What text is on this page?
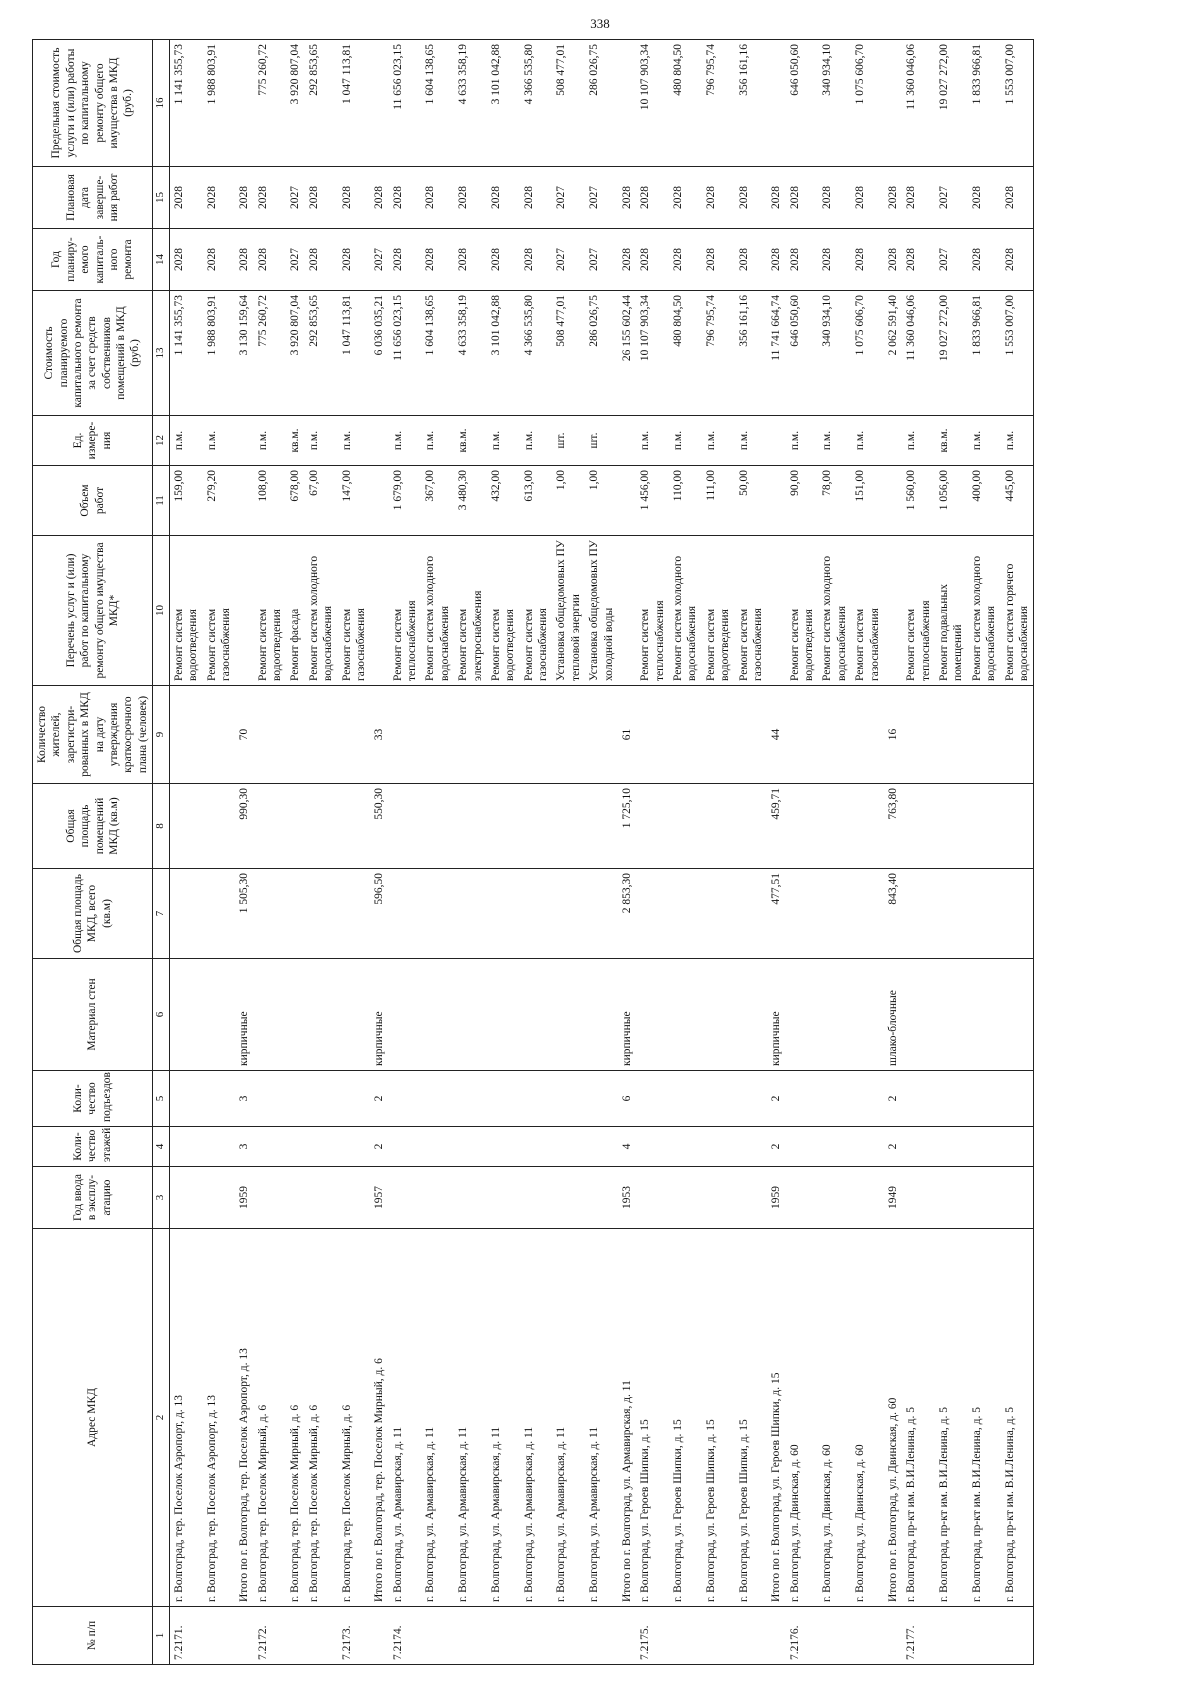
338
№ п/п	Адрес МКД	Год ввода в эксплу-атацию	Коли-чество этажей	Коли-чество подъездов	Материал стен	Общая площадь МКД, всего (кв.м)	Общая площадь помещений МКД (кв.м)	Количество жителей, зарегистри-рованных в МКД на дату утверждения краткосрочного плана (человек)	Перечень услуг и (или) работ по капитальному ремонту общего имущества МКД*	Объем работ	Ед. измере-ния	Стоимость планируемого капитального ремонта за счет средств собственников помещений в МКД (руб.)	Год планиру-емого капиталь-ного ремонта	Плановая дата заверше-ния работ	Предельная стоимость услуги и (или) работы по капитальному ремонту общего имущества в МКД (руб.)
1	2	3	4	5	6	7	8	9	10	11	12	13	14	15	16
7.2171.	г. Волгоград, тер. Поселок Аэропорт, д. 13								Ремонт систем водоотведения	159,00	п.м.	1 141 355,73	2028	2028	1 141 355,73
	г. Волгоград, тер. Поселок Аэропорт, д. 13								Ремонт систем газоснабжения	279,20	п.м.	1 988 803,91	2028	2028	1 988 803,91
	Итого по г. Волгоград, тер. Поселок Аэропорт, д. 13	1959	3	3	кирпичные	1 505,30	990,30	70				3 130 159,64	2028	2028	
7.2172.	г. Волгоград, тер. Поселок Мирный, д. 6								Ремонт систем водоотведения	108,00	п.м.	775 260,72	2028	2028	775 260,72
	г. Волгоград, тер. Поселок Мирный, д. 6								Ремонт фасада	678,00	кв.м.	3 920 807,04	2027	2027	3 920 807,04
	г. Волгоград, тер. Поселок Мирный, д. 6								Ремонт систем холодного водоснабжения	67,00	п.м.	292 853,65	2028	2028	292 853,65
7.2173.	г. Волгоград, тер. Поселок Мирный, д. 6								Ремонт систем газоснабжения	147,00	п.м.	1 047 113,81	2028	2028	1 047 113,81
	Итого по г. Волгоград, тер. Поселок Мирный, д. 6	1957	2	2	кирпичные	596,50	550,30	33				6 036 035,21	2027	2028	
7.2174.	г. Волгоград, ул. Армавирская, д. 11								Ремонт систем теплоснабжения	1 679,00	п.м.	11 656 023,15	2028	2028	11 656 023,15
	г. Волгоград, ул. Армавирская, д. 11								Ремонт систем холодного водоснабжения	367,00	п.м.	1 604 138,65	2028	2028	1 604 138,65
	г. Волгоград, ул. Армавирская, д. 11								Ремонт систем электроснабжения	3 480,30	кв.м.	4 633 358,19	2028	2028	4 633 358,19
	г. Волгоград, ул. Армавирская, д. 11								Ремонт систем водоотведения	432,00	п.м.	3 101 042,88	2028	2028	3 101 042,88
	г. Волгоград, ул. Армавирская, д. 11								Ремонт систем газоснабжения	613,00	п.м.	4 366 535,80	2028	2028	4 366 535,80
	г. Волгоград, ул. Армавирская, д. 11								Установка общедомовых ПУ тепловой энергии	1,00	шт.	508 477,01	2027	2027	508 477,01
	г. Волгоград, ул. Армавирская, д. 11								Установка общедомовых ПУ холодной воды	1,00	шт.	286 026,75	2027	2027	286 026,75
	Итого по г. Волгоград, ул. Армавирская, д. 11	1953	4	6	кирпичные	2 853,30	1 725,10	61				26 155 602,44	2028	2028	
7.2175.	г. Волгоград, ул. Героев Шипки, д. 15								Ремонт систем теплоснабжения	1 456,00	п.м.	10 107 903,34	2028	2028	10 107 903,34
	г. Волгоград, ул. Героев Шипки, д. 15								Ремонт систем холодного водоснабжения	110,00	п.м.	480 804,50	2028	2028	480 804,50
	г. Волгоград, ул. Героев Шипки, д. 15								Ремонт систем водоотведения	111,00	п.м.	796 795,74	2028	2028	796 795,74
	г. Волгоград, ул. Героев Шипки, д. 15								Ремонт систем газоснабжения	50,00	п.м.	356 161,16	2028	2028	356 161,16
	Итого по г. Волгоград, ул. Героев Шипки, д. 15	1959	2	2	кирпичные	477,51	459,71	44				11 741 664,74	2028	2028	
7.2176.	г. Волгоград, ул. Двинская, д. 60								Ремонт систем водоотведения	90,00	п.м.	646 050,60	2028	2028	646 050,60
	г. Волгоград, ул. Двинская, д. 60								Ремонт систем холодного водоснабжения	78,00	п.м.	340 934,10	2028	2028	340 934,10
	г. Волгоград, ул. Двинская, д. 60								Ремонт систем газоснабжения	151,00	п.м.	1 075 606,70	2028	2028	1 075 606,70
	Итого по г. Волгоград, ул. Двинская, д. 60	1949	2	2	шлако-блочные	843,40	763,80	16				2 062 591,40	2028	2028	
7.2177.	г. Волгоград, пр-кт им. В.И.Ленина, д. 5								Ремонт систем теплоснабжения	1 560,00	п.м.	11 360 046,06	2028	2028	11 360 046,06
	г. Волгоград, пр-кт им. В.И.Ленина, д. 5								Ремонт подвальных помещений	1 056,00	кв.м.	19 027 272,00	2027	2027	19 027 272,00
	г. Волгоград, пр-кт им. В.И.Ленина, д. 5								Ремонт систем холодного водоснабжения	400,00	п.м.	1 833 966,81	2028	2028	1 833 966,81
	г. Волгоград, пр-кт им. В.И.Ленина, д. 5								Ремонт систем горячего водоснабжения	445,00	п.м.	1 553 007,00	2028	2028	1 553 007,00
